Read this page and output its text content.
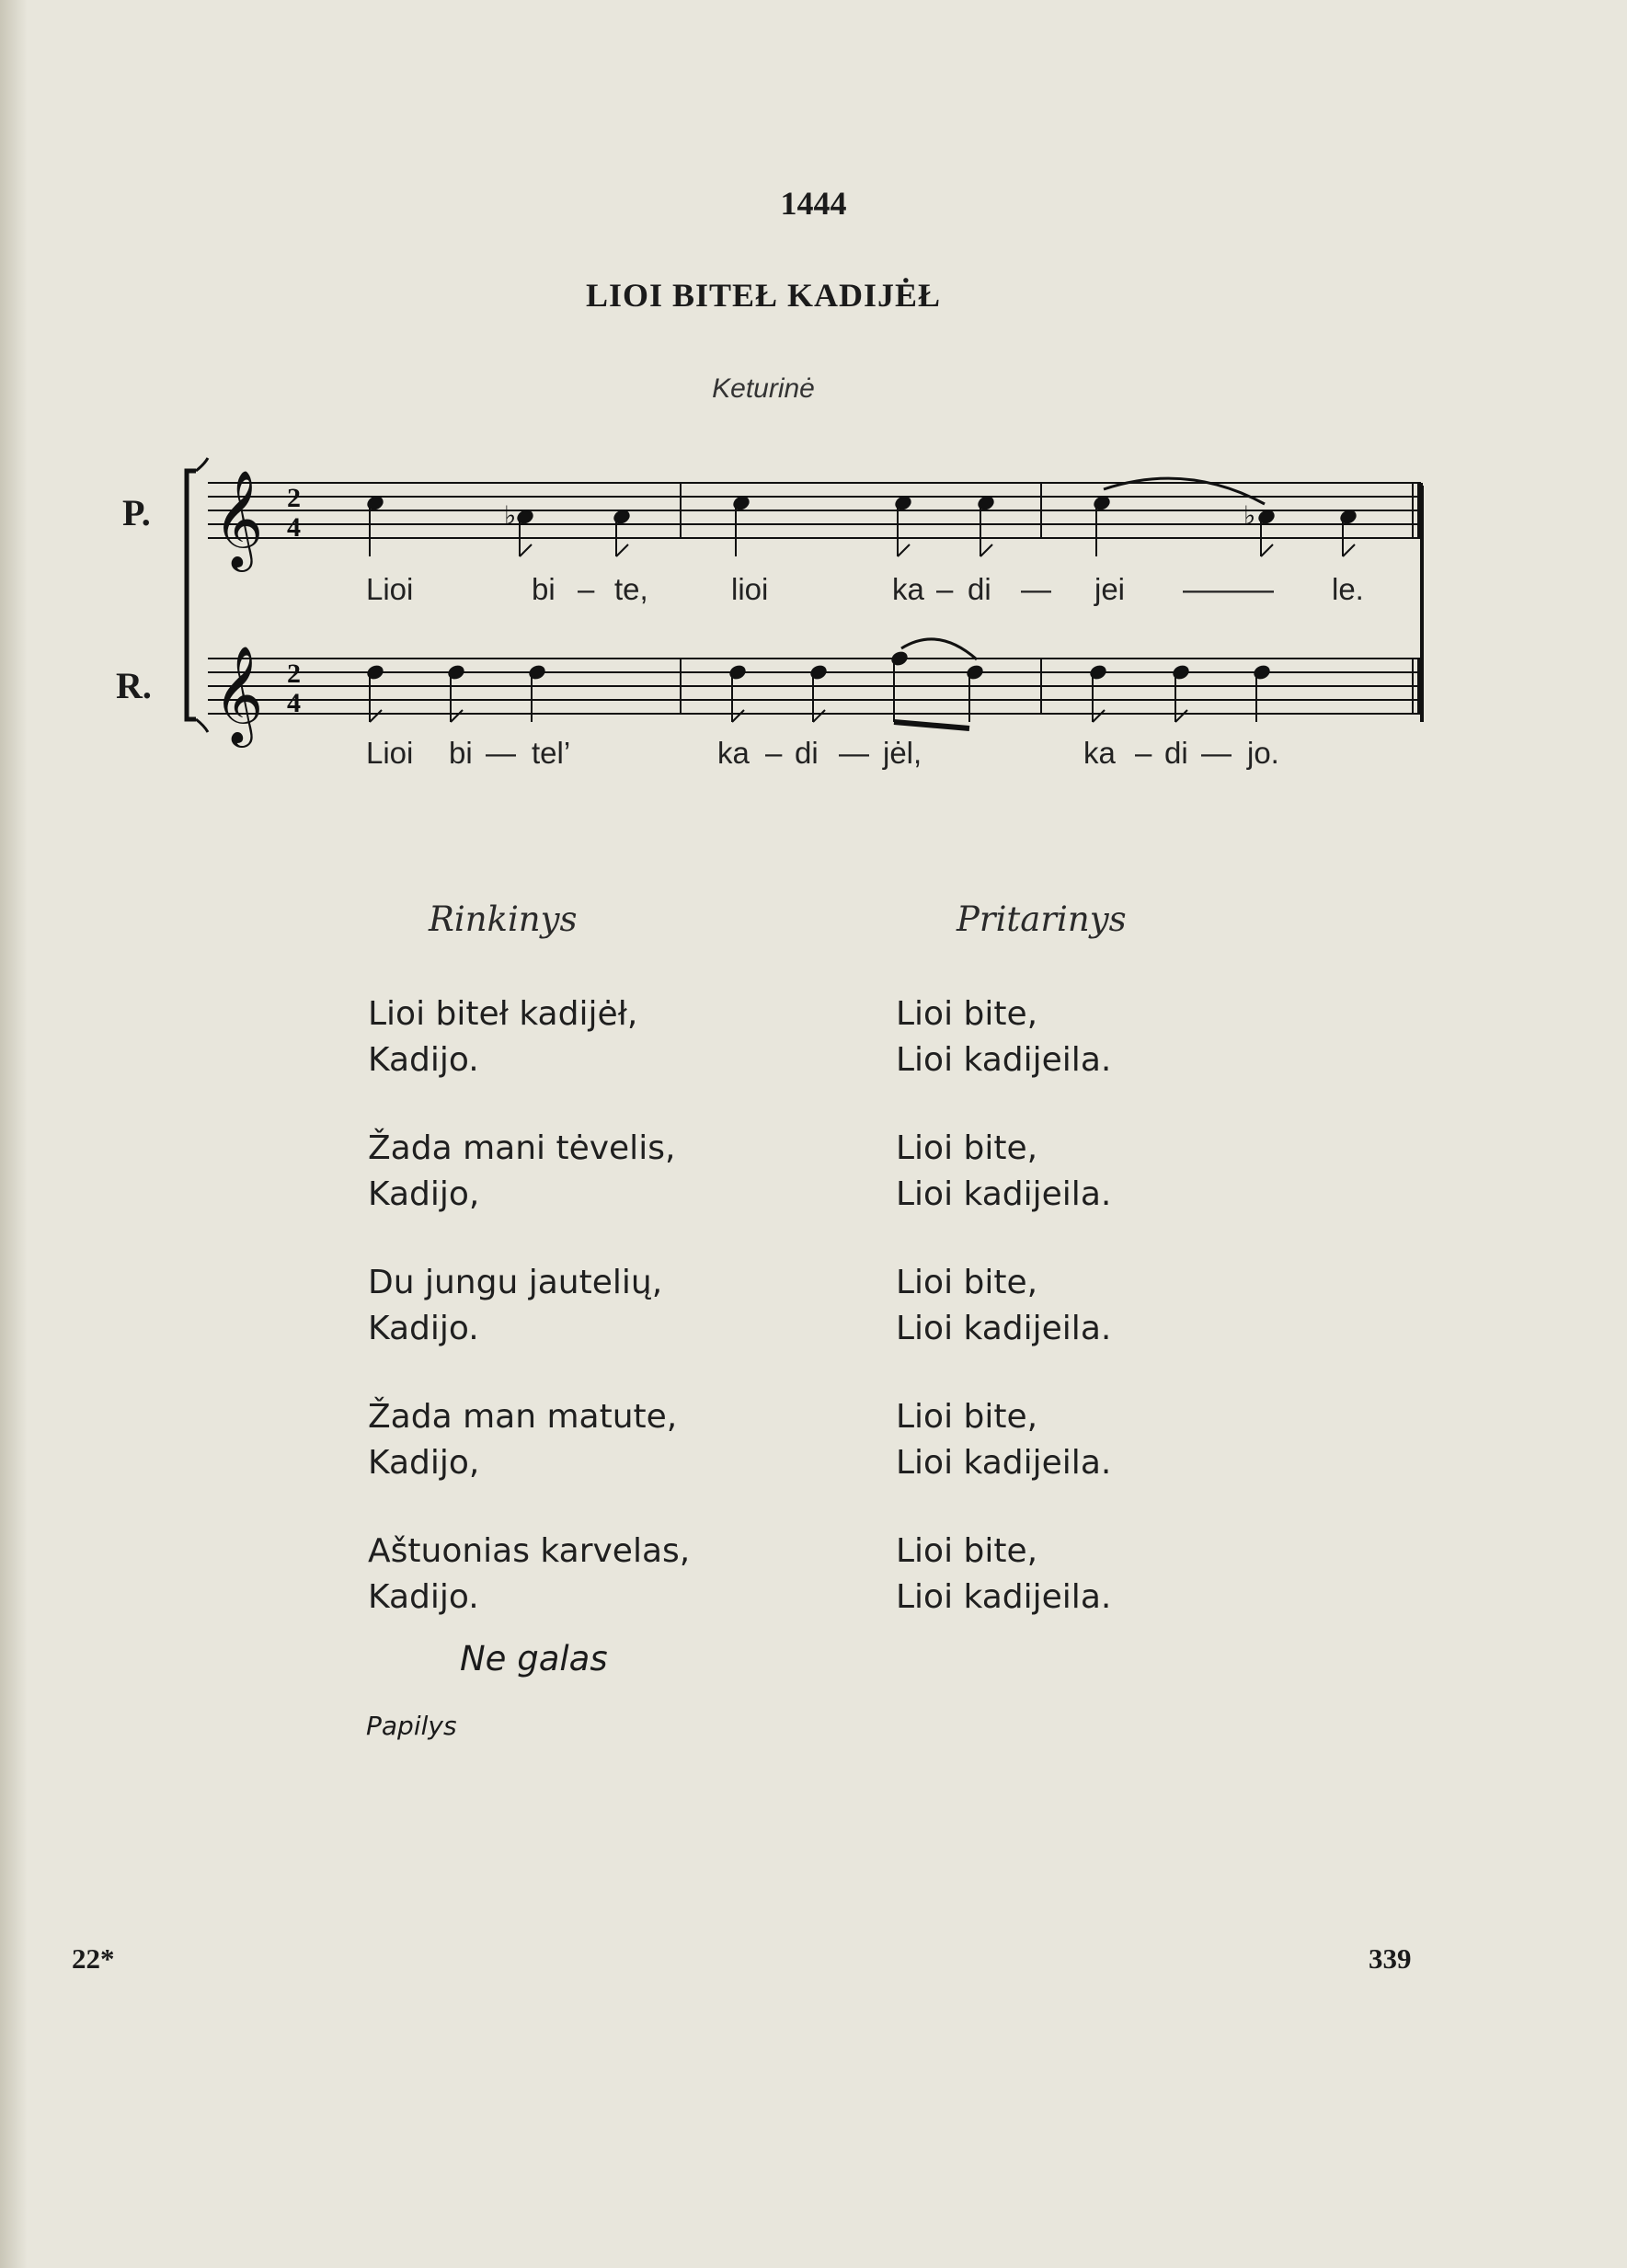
1444
LIOI BITEŁ KADIJĖŁ
Keturinė
𝄞
𝄞
2
4
2
4
♭	♭
P.
R.
Lioi	bi – te,	lioi	ka – di — jei ——— le.
Lioi bi — tel’	ka – di — jėl,	ka – di — jo.
Rinkinys	Pritarinys
Lioi biteł kadijėł,
Kadijo.
Lioi bite,
Lioi kadijeila.
Žada mani tėvelis,
Kadijo,
Lioi bite,
Lioi kadijeila.
Du jungu jautelių,
Kadijo.
Lioi bite,
Lioi kadijeila.
Žada man matute,
Kadijo,
Lioi bite,
Lioi kadijeila.
Aštuonias karvelas,
Kadijo.
Lioi bite,
Lioi kadijeila.
Ne galas
Papilys
22*	339
